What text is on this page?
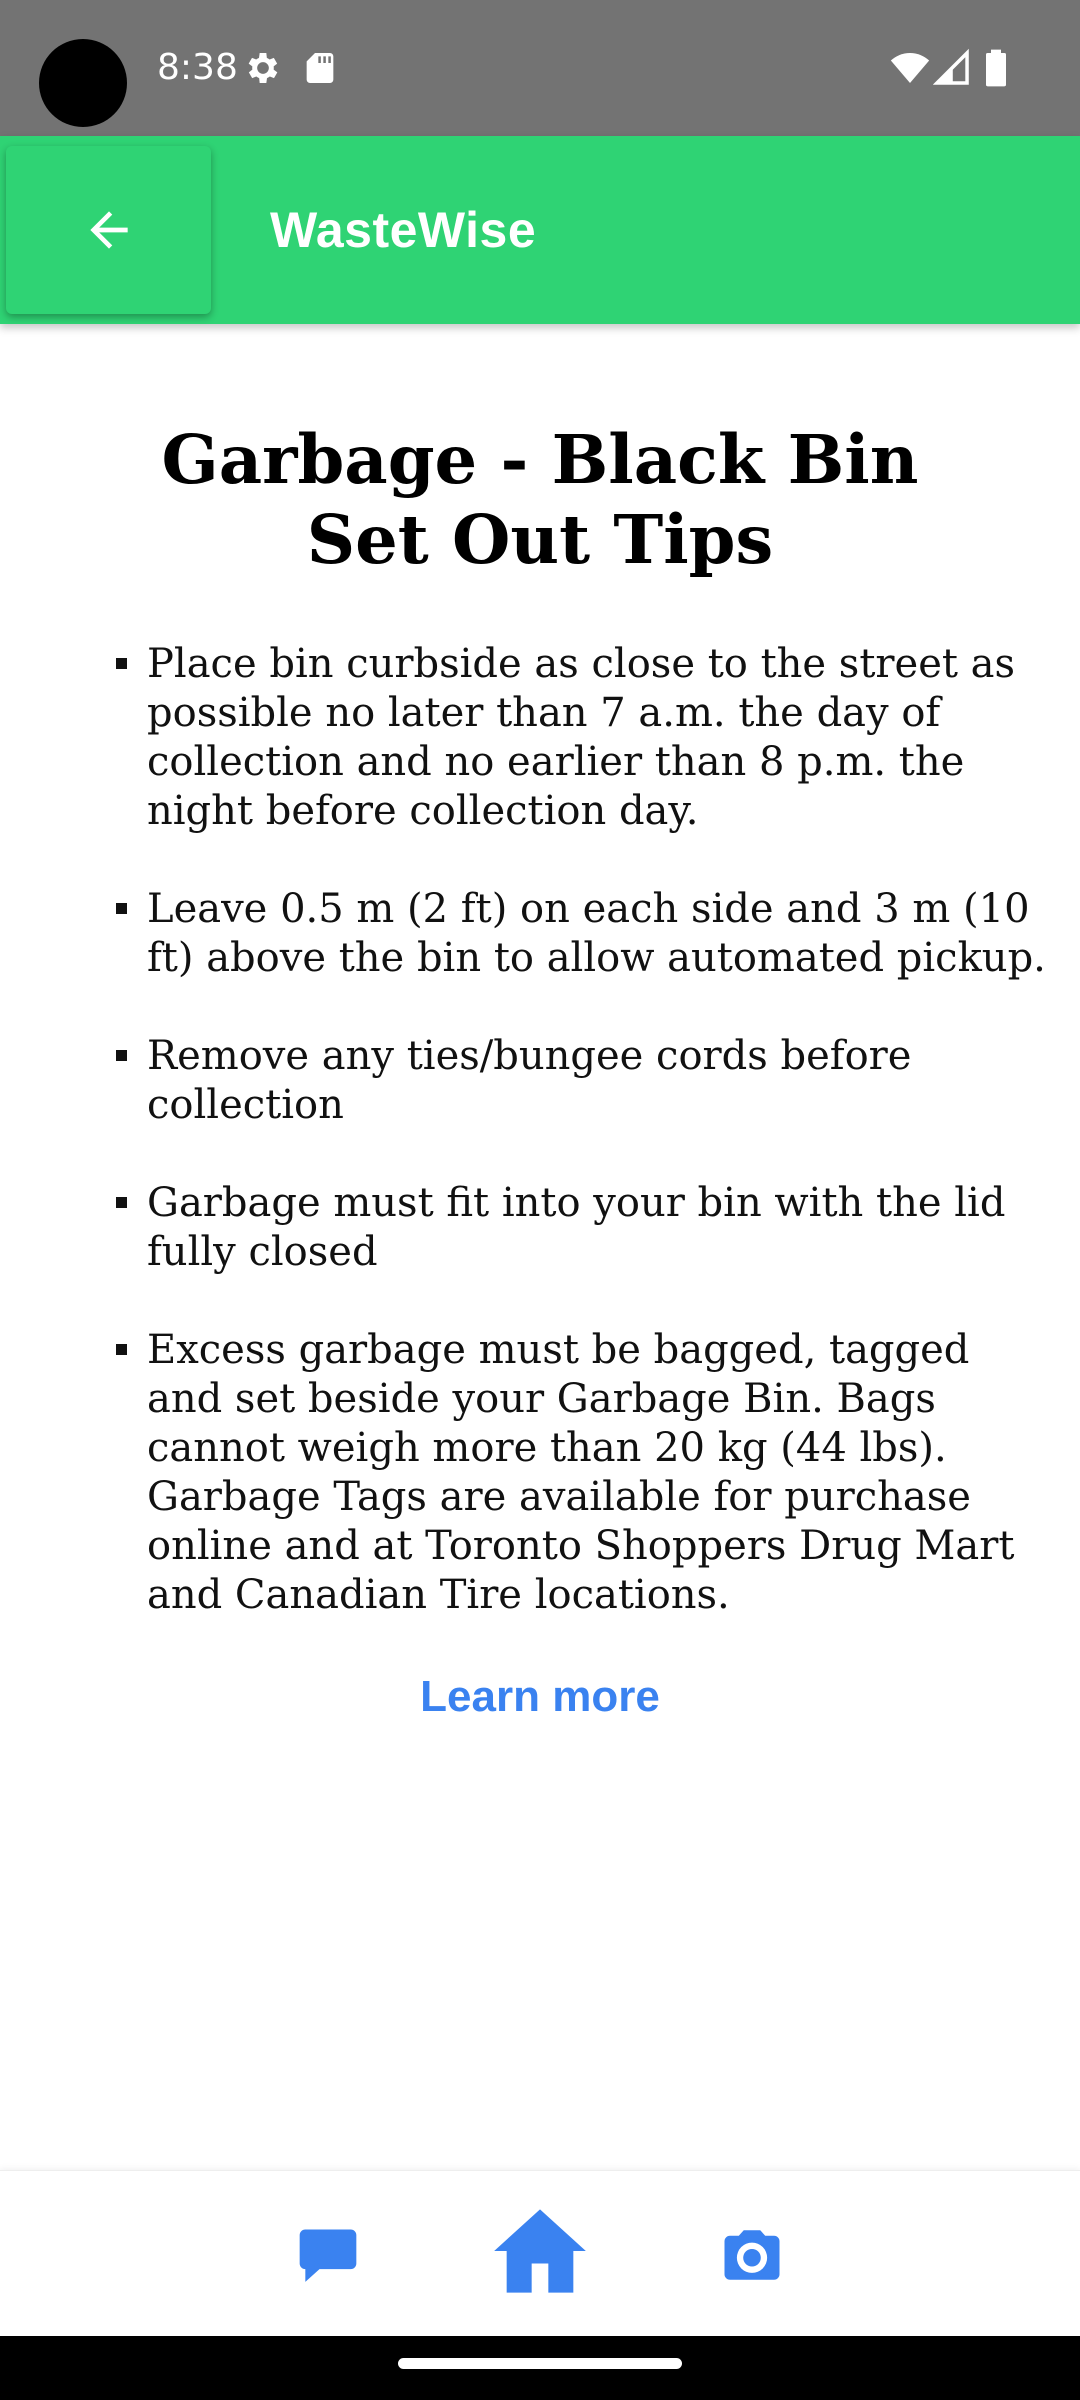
8:38
WasteWise
Garbage - Black Bin Set Out Tips
Place bin curbside as close to the street as possible no later than 7 a.m. the day of collection and no earlier than 8 p.m. the night before collection day.
Leave 0.5 m (2 ft) on each side and 3 m (10 ft) above the bin to allow automated pickup.
Remove any ties/bungee cords before collection
Garbage must fit into your bin with the lid fully closed
Excess garbage must be bagged, tagged and set beside your Garbage Bin. Bags cannot weigh more than 20 kg (44 lbs). Garbage Tags are available for purchase online and at Toronto Shoppers Drug Mart and Canadian Tire locations.
Learn more
